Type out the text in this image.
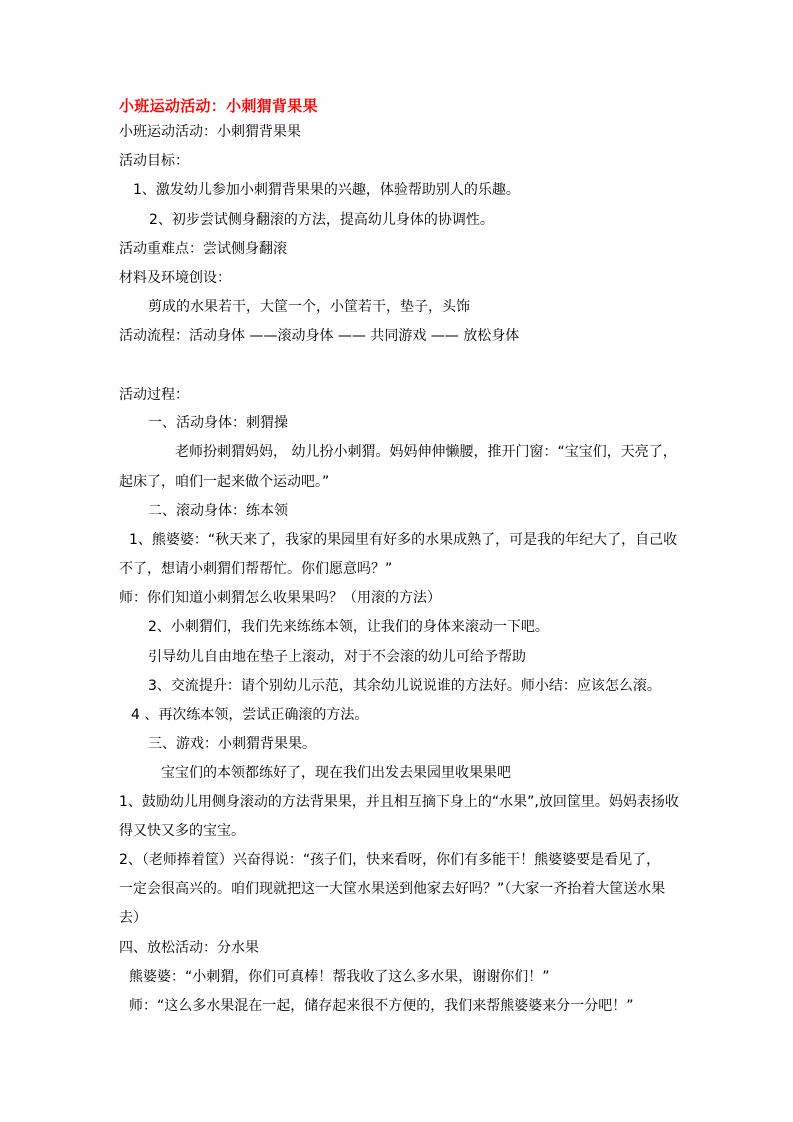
小班运动活动：小刺猬背果果
小班运动活动：小刺猬背果果
活动目标：
1、激发幼儿参加小刺猬背果果的兴趣，体验帮助别人的乐趣。
2、初步尝试侧身翻滚的方法，提高幼儿身体的协调性。
活动重难点：尝试侧身翻滚
材料及环境创设：
剪成的水果若干，大筐一个，小筐若干，垫子，头饰
活动流程：活动身体 ——滚动身体 —— 共同游戏 —— 放松身体
活动过程：
一、活动身体：刺猬操
老师扮刺猬妈妈， 幼儿扮小刺猬。妈妈伸伸懒腰，推开门窗：“宝宝们，天亮了，
起床了，咱们一起来做个运动吧。”
二、滚动身体：练本领
1、熊婆婆：“秋天来了，我家的果园里有好多的水果成熟了，可是我的年纪大了，自己收
不了，想请小刺猬们帮帮忙。你们愿意吗？”
师：你们知道小刺猬怎么收果果吗？（用滚的方法）
2、小刺猬们，我们先来练练本领，让我们的身体来滚动一下吧。
引导幼儿自由地在垫子上滚动，对于不会滚的幼儿可给予帮助
3、交流提升：请个别幼儿示范，其余幼儿说说谁的方法好。师小结：应该怎么滚。
4 、再次练本领，尝试正确滚的方法。
三、游戏：小刺猬背果果。
宝宝们的本领都练好了，现在我们出发去果园里收果果吧
1、鼓励幼儿用侧身滚动的方法背果果，并且相互摘下身上的“水果”,放回筐里。妈妈表扬收
得又快又多的宝宝。
2、（老师捧着筐）兴奋得说：“孩子们，快来看呀，你们有多能干！熊婆婆要是看见了，
一定会很高兴的。咱们现就把这一大筐水果送到他家去好吗？”（大家一齐抬着大筐送水果
去）
四、放松活动：分水果
熊婆婆：“小刺猬，你们可真棒！帮我收了这么多水果，谢谢你们！”
师：“这么多水果混在一起，储存起来很不方便的，我们来帮熊婆婆来分一分吧！”
